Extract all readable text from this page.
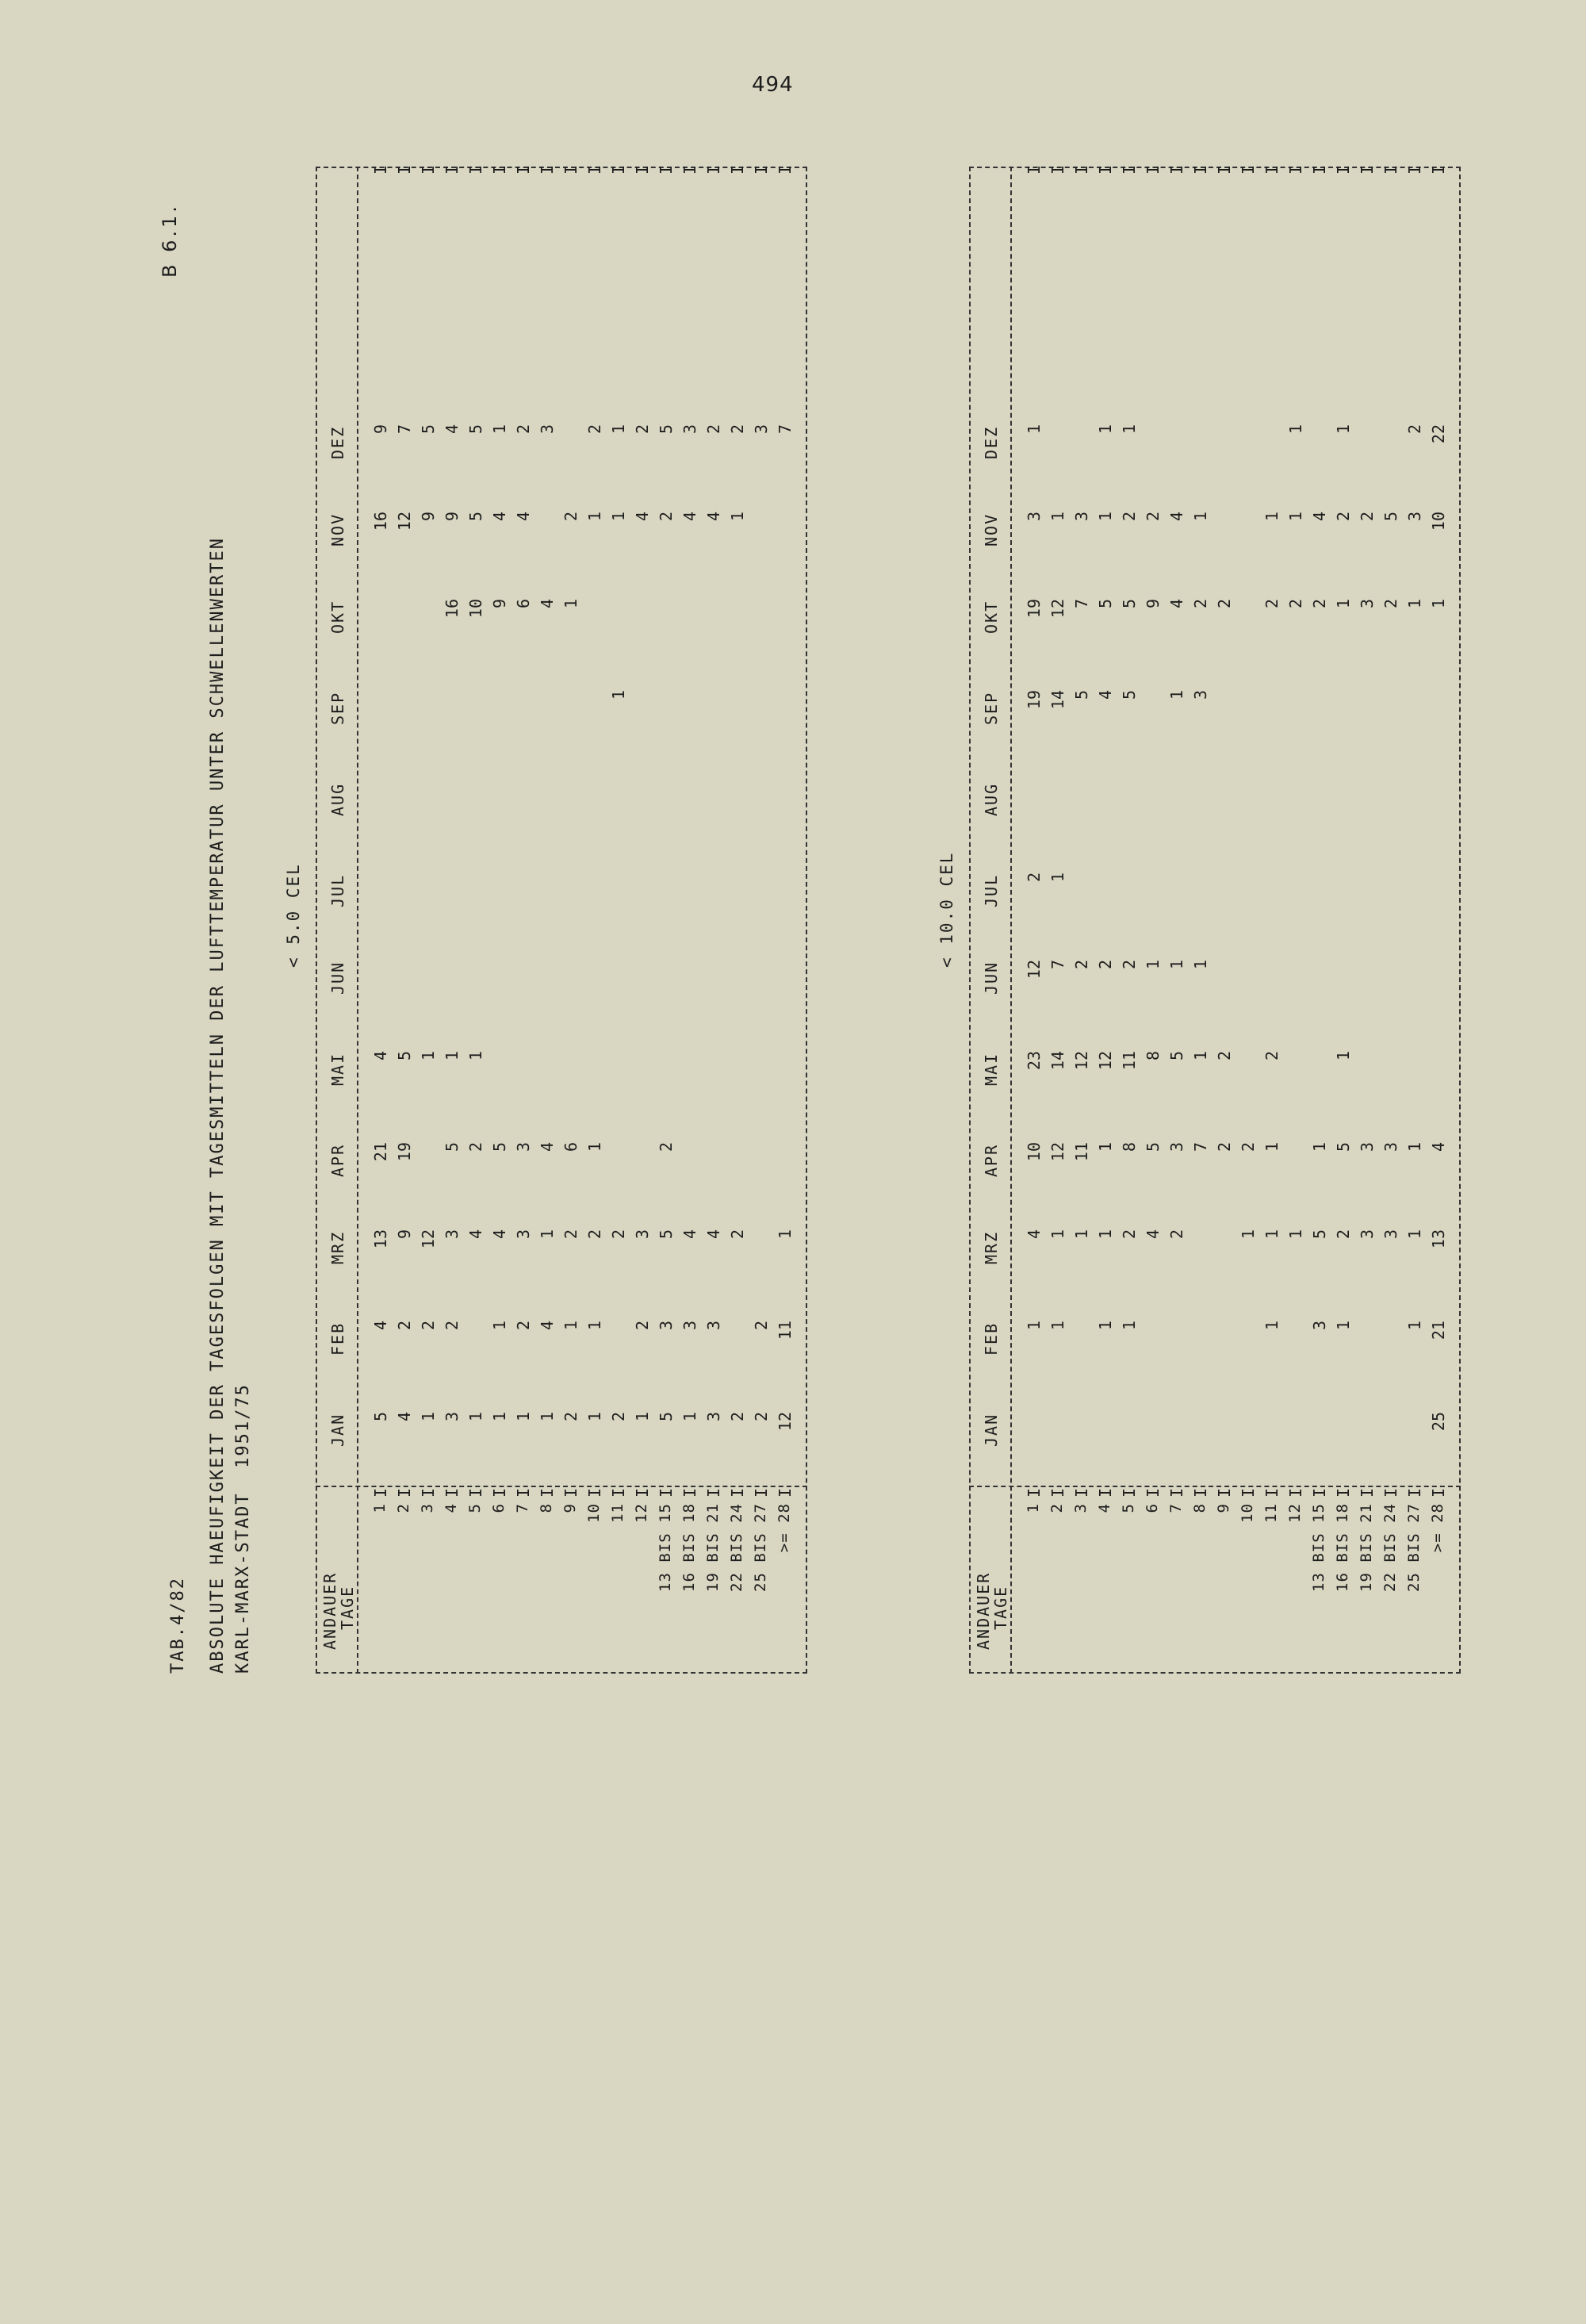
494
TAB.4/82
B 6.1.
ABSOLUTE HAEUFIGKEIT DER TAGESFOLGEN MIT TAGESMITTELN DER LUFTTEMPERATUR UNTER SCHWELLENWERTEN KARL-MARX-STADT  1951/75
< 5.0 CEL
ANDAUER
TAGE
JAN
FEB
MRZ
APR
MAI
JUN
JUL
AUG
SEP
OKT
NOV
DEZ
1
I
I
5
4
13
21
4
16
9
2
I
I
4
2
9
19
5
12
7
3
I
I
1
2
12
1
9
5
4
I
I
3
2
3
5
1
16
9
4
5
I
I
1
4
2
1
10
5
5
6
I
I
1
1
4
5
9
4
1
7
I
I
1
2
3
3
6
4
2
8
I
I
1
4
1
4
4
3
9
I
I
2
1
2
6
1
2
10
I
I
1
1
2
1
1
2
11
I
I
2
2
1
1
1
12
I
I
1
2
3
4
2
13 BIS 15
I
I
5
3
5
2
2
5
16 BIS 18
I
I
1
3
4
4
3
19 BIS 21
I
I
3
3
4
4
2
22 BIS 24
I
I
2
2
1
2
25 BIS 27
I
I
2
2
3
>= 28
I
I
12
11
1
7
< 10.0 CEL
ANDAUER
TAGE
JAN
FEB
MRZ
APR
MAI
JUN
JUL
AUG
SEP
OKT
NOV
DEZ
1
I
I
1
4
10
23
12
2
19
19
3
1
2
I
I
1
1
12
14
7
1
14
12
1
3
I
I
1
11
12
2
5
7
3
4
I
I
1
1
1
12
2
4
5
1
1
5
I
I
1
2
8
11
2
5
5
2
1
6
I
I
4
5
8
1
9
2
7
I
I
2
3
5
1
1
4
4
8
I
I
7
1
1
3
2
1
9
I
I
2
2
2
10
I
I
1
2
11
I
I
1
1
1
2
2
1
12
I
I
1
2
1
1
13 BIS 15
I
I
3
5
1
2
4
16 BIS 18
I
I
1
2
5
1
1
2
1
19 BIS 21
I
I
3
3
3
2
22 BIS 24
I
I
3
3
2
5
25 BIS 27
I
I
1
1
1
1
3
2
>= 28
I
I
25
21
13
4
1
10
22
